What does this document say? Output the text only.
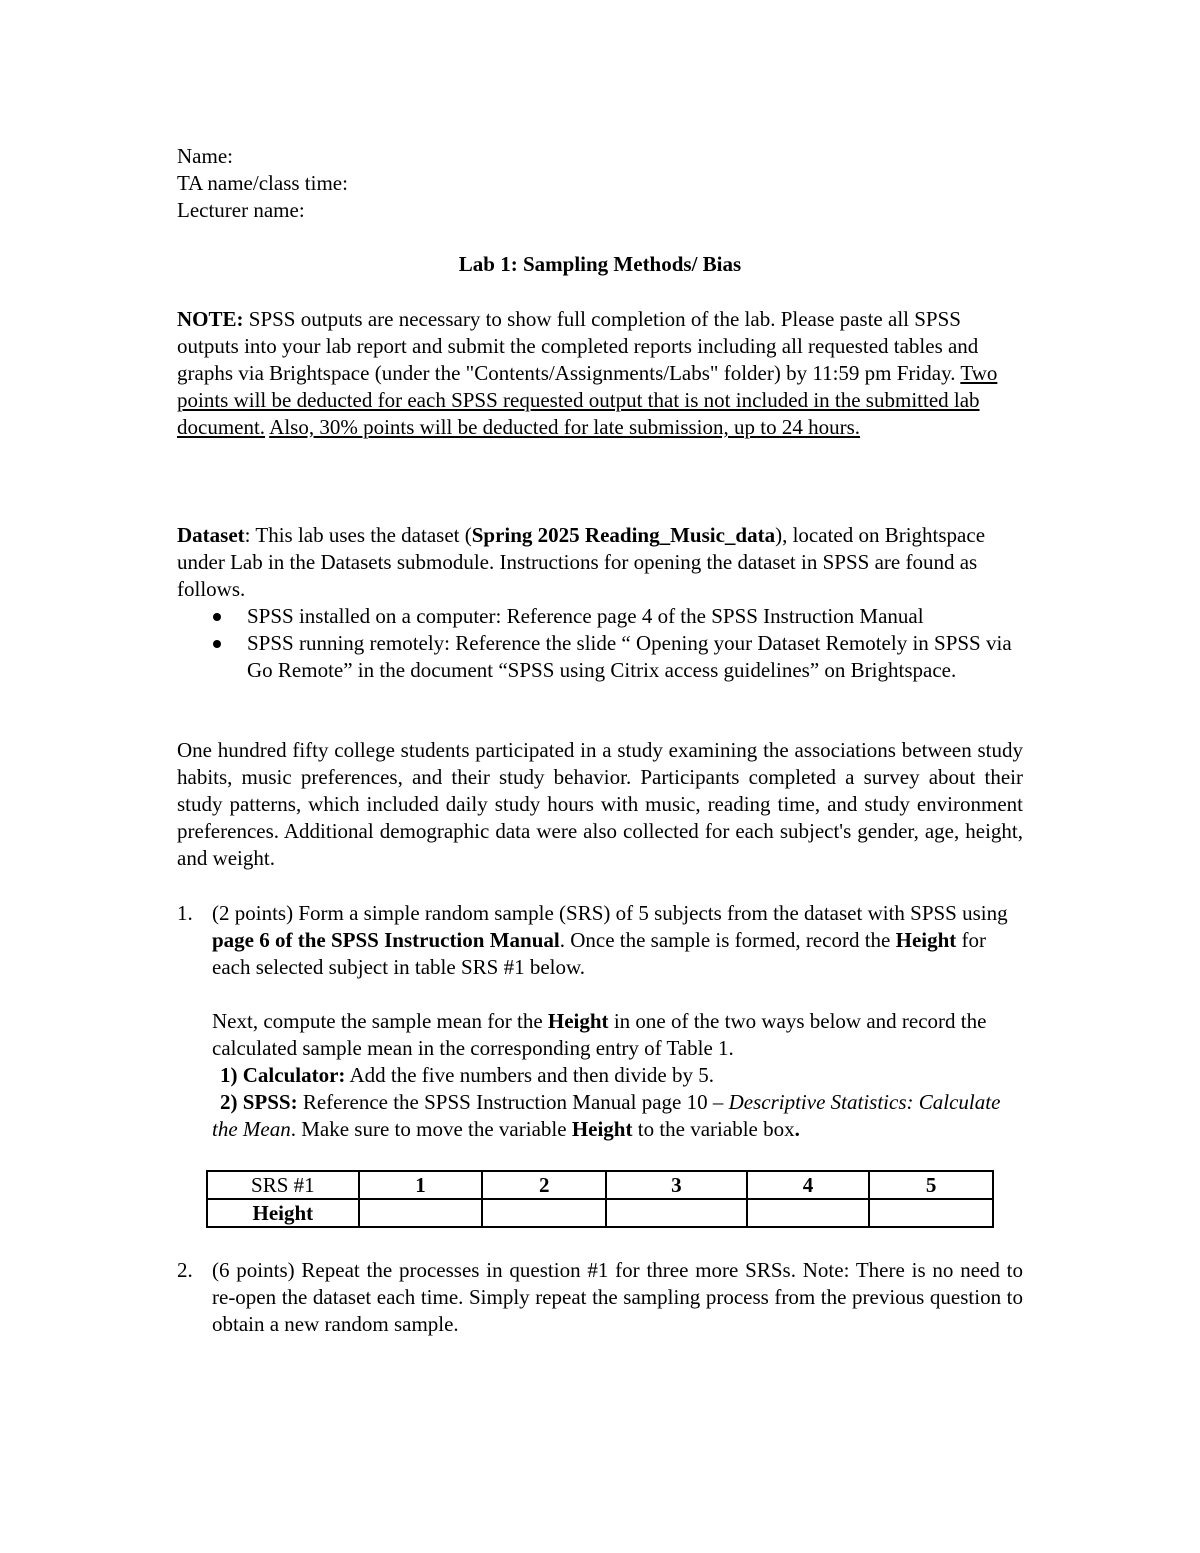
Name:

TA name/class time:

Lecturer name:

Lab 1: Sampling Methods/ Bias

NOTE: SPSS outputs are necessary to show full completion of the lab. Please paste all SPSS outputs into your lab report and submit the completed reports including all requested tables and graphs via Brightspace (under the "Contents/Assignments/Labs" folder) by 11:59 pm Friday. Two points will be deducted for each SPSS requested output that is not included in the submitted lab document. Also, 30% points will be deducted for late submission, up to 24 hours.

Dataset: This lab uses the dataset (Spring 2025 Reading_Music_data), located on Brightspace under Lab in the Datasets submodule. Instructions for opening the dataset in SPSS are found as follows.

SPSS installed on a computer: Reference page 4 of the SPSS Instruction Manual
SPSS running remotely: Reference the slide “ Opening your Dataset Remotely in SPSS via Go Remote” in the document “SPSS using Citrix access guidelines” on Brightspace.

One hundred fifty college students participated in a study examining the associations between study habits, music preferences, and their study behavior. Participants completed a survey about their study patterns, which included daily study hours with music, reading time, and study environment preferences. Additional demographic data were also collected for each subject's gender, age, height, and weight.

1. (2 points) Form a simple random sample (SRS) of 5 subjects from the dataset with SPSS using page 6 of the SPSS Instruction Manual. Once the sample is formed, record the Height for each selected subject in table SRS #1 below.

Next, compute the sample mean for the Height in one of the two ways below and record the calculated sample mean in the corresponding entry of Table 1.

1) Calculator: Add the five numbers and then divide by 5.

2) SPSS: Reference the SPSS Instruction Manual page 10 – Descriptive Statistics: Calculate the Mean. Make sure to move the variable Height to the variable box.

SRS #1	1	2	3	4	5
Height					
2. (6 points) Repeat the processes in question #1 for three more SRSs. Note: There is no need to re-open the dataset each time. Simply repeat the sampling process from the previous question to obtain a new random sample.
